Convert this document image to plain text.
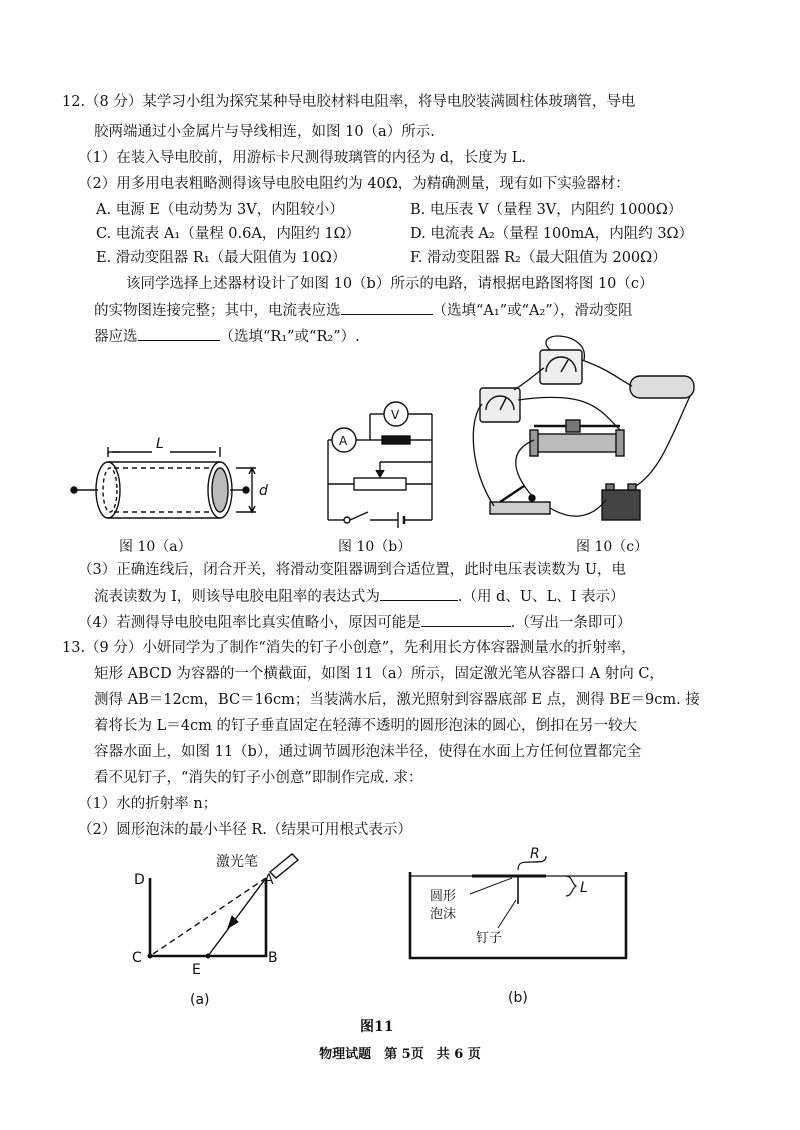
12.（8 分）某学习小组为探究某种导电胶材料电阻率，将导电胶装满圆柱体玻璃管，导电
胶两端通过小金属片与导线相连，如图 10（a）所示.
（1）在装入导电胶前，用游标卡尺测得玻璃管的内径为 d，长度为 L.
（2）用多用电表粗略测得该导电胶电阻约为 40Ω，为精确测量，现有如下实验器材：
A. 电源 E（电动势为 3V，内阻较小）	B. 电压表 V（量程 3V，内阻约 1000Ω）
C. 电流表 A₁（量程 0.6A，内阻约 1Ω）	D. 电流表 A₂（量程 100mA，内阻约 3Ω）
E. 滑动变阻器 R₁（最大阻值为 10Ω）	F. 滑动变阻器 R₂（最大阻值为 200Ω）
该同学选择上述器材设计了如图 10（b）所示的电路，请根据电路图将图 10（c）
的实物图连接完整；其中，电流表应选	（选填“A₁”或“A₂”），滑动变阻
器应选	（选填“R₁”或“R₂”）.
L
d
图 10（a）
V
A
图 10（b）	图 10（c）
（3）正确连线后，闭合开关，将滑动变阻器调到合适位置，此时电压表读数为 U，电
流表读数为 I，则该导电胶电阻率的表达式为	.（用 d、U、L、I 表示）
（4）若测得导电胶电阻率比真实值略小，原因可能是	.（写出一条即可）
13.（9 分）小妍同学为了制作“消失的钉子小创意”，先利用长方体容器测量水的折射率，
矩形 ABCD 为容器的一个横截面，如图 11（a）所示，固定激光笔从容器口 A 射向 C，
测得 AB＝12cm，BC＝16cm；当装满水后，激光照射到容器底部 E 点，测得 BE＝9cm. 接
着将长为 L＝4cm 的钉子垂直固定在轻薄不透明的圆形泡沫的圆心，倒扣在另一较大
容器水面上，如图 11（b），通过调节圆形泡沫半径，使得在水面上方任何位置都完全
看不见钉子，“消失的钉子小创意”即制作完成. 求：
（1）水的折射率 n；
（2）圆形泡沫的最小半径 R.（结果可用根式表示）
激光笔
D	A
C
E
B
(a)
R
L
圆形
泡沫
钉子
(b)
图11
物理试题　第 5页　共 6 页
